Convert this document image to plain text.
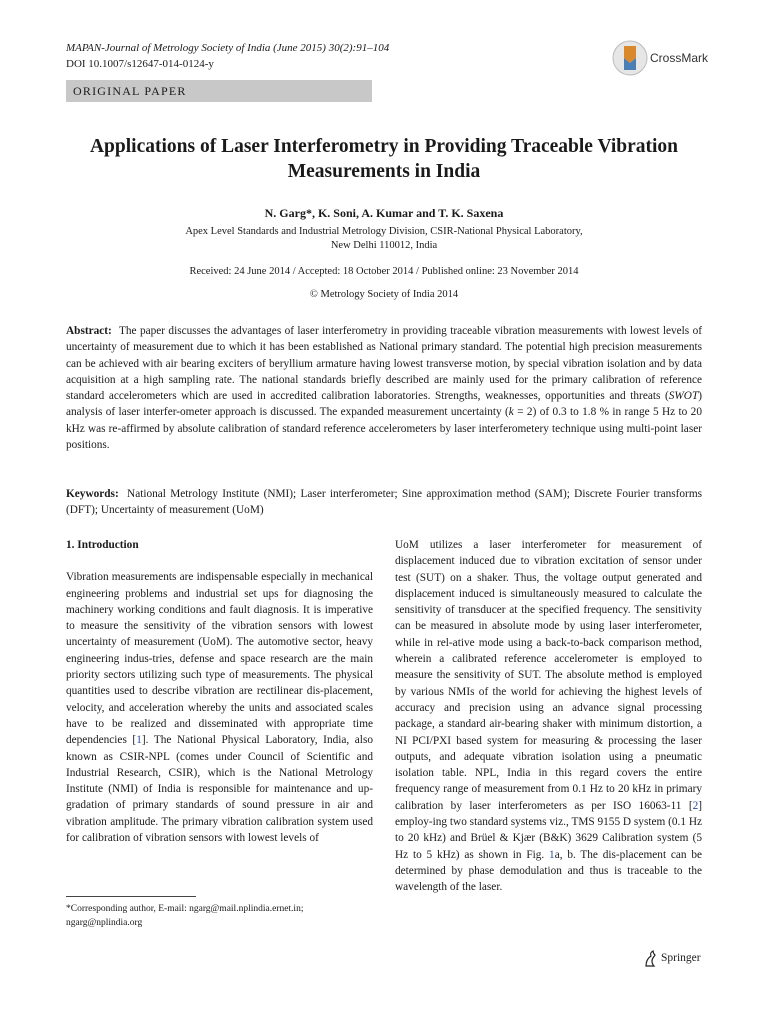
MAPAN-Journal of Metrology Society of India (June 2015) 30(2):91–104
DOI 10.1007/s12647-014-0124-y	CrossMark
ORIGINAL PAPER
Applications of Laser Interferometry in Providing Traceable Vibration Measurements in India
N. Garg*, K. Soni, A. Kumar and T. K. Saxena
Apex Level Standards and Industrial Metrology Division, CSIR-National Physical Laboratory,
New Delhi 110012, India
Received: 24 June 2014 / Accepted: 18 October 2014 / Published online: 23 November 2014
© Metrology Society of India 2014
Abstract: The paper discusses the advantages of laser interferometry in providing traceable vibration measurements with lowest levels of uncertainty of measurement due to which it has been established as National primary standard. The potential high precision measurements can be achieved with air bearing exciters of beryllium armature having lowest transverse motion, by special vibration isolation and by data acquisition at a high sampling rate. The national standards briefly described are mainly used for the primary calibration of reference standard accelerometers which are used in accredited calibration laboratories. Strengths, weaknesses, opportunities and threats (SWOT) analysis of laser interfer-ometer approach is discussed. The expanded measurement uncertainty (k = 2) of 0.3 to 1.8 % in range 5 Hz to 20 kHz was re-affirmed by absolute calibration of standard reference accelerometers by laser interferometery technique using multi-point laser positions.
Keywords: National Metrology Institute (NMI); Laser interferometer; Sine approximation method (SAM); Discrete Fourier transforms (DFT); Uncertainty of measurement (UoM)
1. Introduction

Vibration measurements are indispensable especially in mechanical engineering problems and industrial set ups for diagnosing the machinery working conditions and fault diagnosis. It is imperative to measure the sensitivity of the vibration sensors with lowest uncertainty of measurement (UoM). The automotive sector, heavy engineering indus-tries, defense and space research are the main priority sectors utilizing such type of measurements. The physical quantities used to describe vibration are rectilinear dis-placement, velocity, and acceleration whereby the units and associated scales have to be realized and disseminated with appropriate time dependencies [1]. The National Physical Laboratory, India, also known as CSIR-NPL (comes under Council of Scientific and Industrial Research, CSIR), which is the National Metrology Institute (NMI) of India is responsible for maintenance and up-gradation of primary standards of sound pressure in air and vibration amplitude. The primary vibration calibration system used for calibration of vibration sensors with lowest levels of

UoM utilizes a laser interferometer for measurement of displacement induced due to vibration excitation of sensor under test (SUT) on a shaker. Thus, the voltage output generated and displacement induced is simultaneously measured to calculate the sensitivity of transducer at the specified frequency. The sensitivity can be measured in absolute mode by using laser interferometer, while in rel-ative mode using a back-to-back comparison method, wherein a calibrated reference accelerometer is employed to measure the sensitivity of SUT. The absolute method is employed by various NMIs of the world for achieving the highest levels of accuracy and precision using an advance signal processing package, a standard air-bearing shaker with minimum distortion, a NI PCI/PXI based system for measuring & processing the laser outputs, and adequate vibration isolation using a pneumatic isolation table. NPL, India in this regard covers the entire frequency range of measurement from 0.1 Hz to 20 kHz in primary calibration by laser interferometers as per ISO 16063-11 [2] employ-ing two standard systems viz., TMS 9155 D system (0.1 Hz to 20 kHz) and Brüel & Kjær (B&K) 3629 Calibration system (5 Hz to 5 kHz) as shown in Fig. 1a, b. The dis-placement can be determined by phase demodulation and thus is traceable to the wavelength of the laser.

*Corresponding author, E-mail: ngarg@mail.nplindia.ernet.in; ngarg@nplindia.org
Springer
